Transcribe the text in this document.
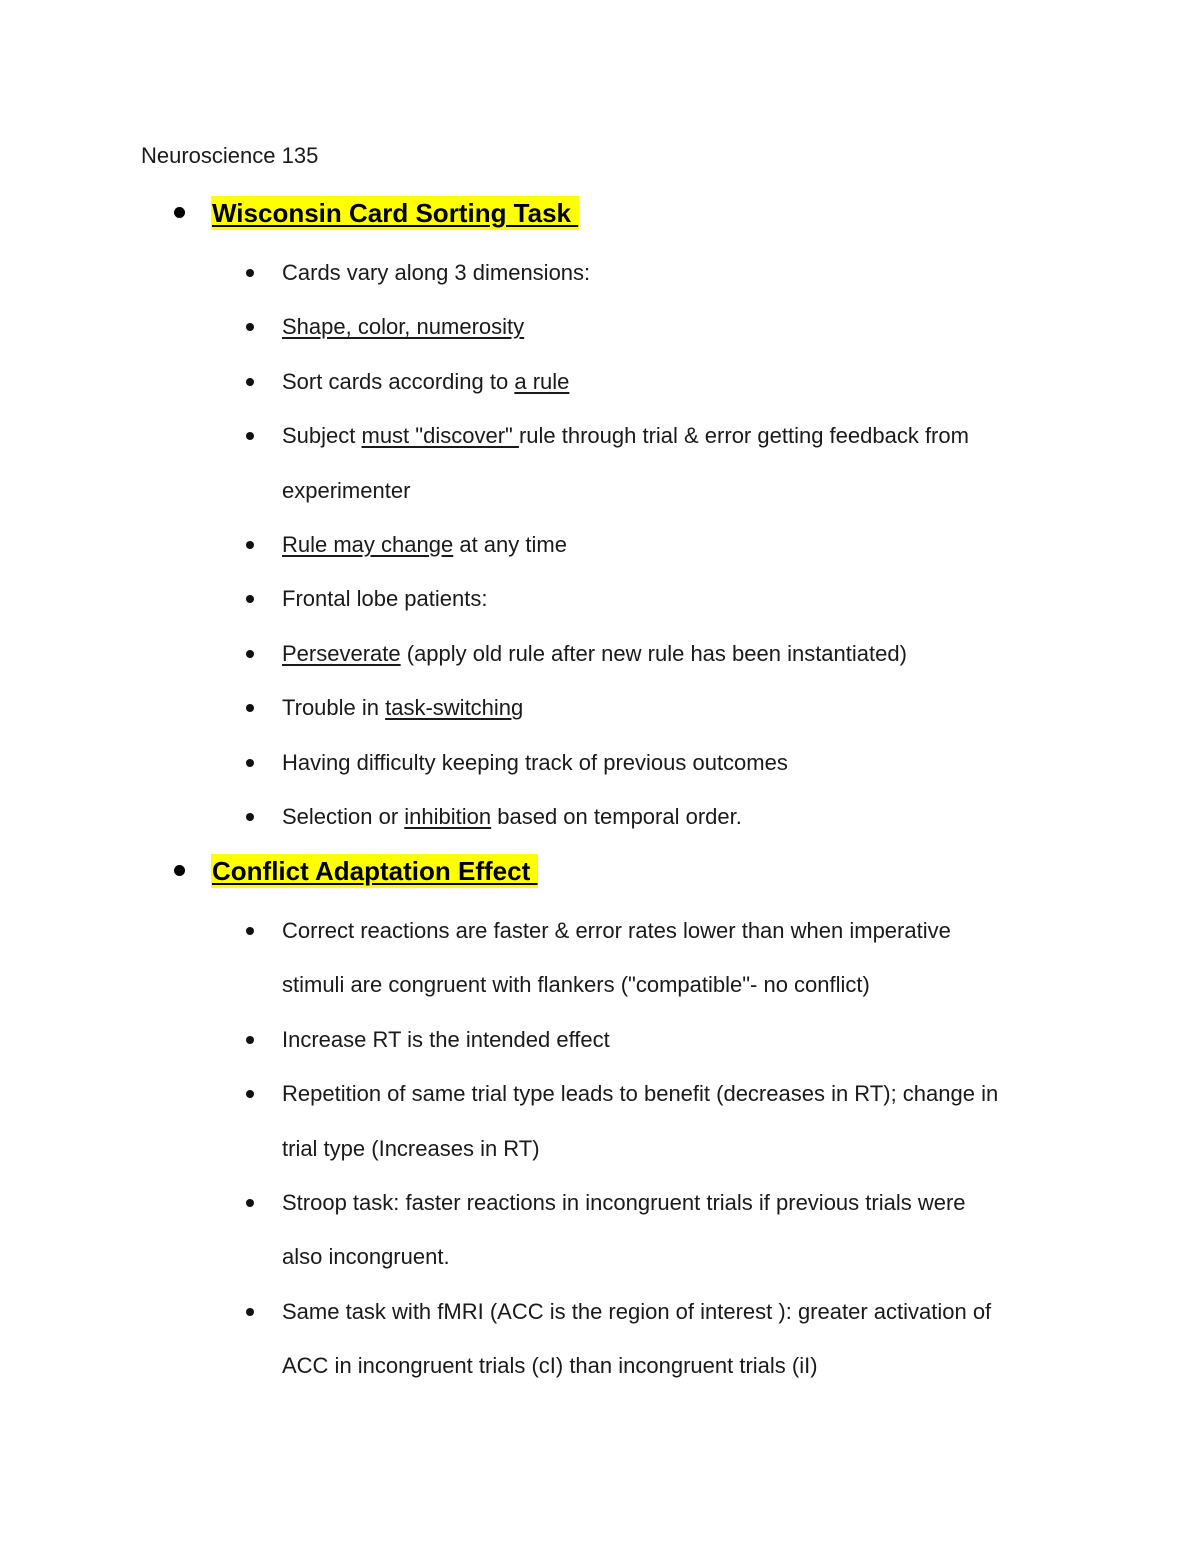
Neuroscience 135
Wisconsin Card Sorting Task
Cards vary along 3 dimensions:
Shape, color, numerosity
Sort cards according to a rule
Subject must "discover" rule through trial & error getting feedback from
experimenter
Rule may change at any time
Frontal lobe patients:
Perseverate (apply old rule after new rule has been instantiated)
Trouble in task-switching
Having difficulty keeping track of previous outcomes
Selection or inhibition based on temporal order.
Conflict Adaptation Effect
Correct reactions are faster & error rates lower than when imperative
stimuli are congruent with flankers ("compatible"- no conflict)
Increase RT is the intended effect
Repetition of same trial type leads to benefit (decreases in RT); change in
trial type (Increases in RT)
Stroop task: faster reactions in incongruent trials if previous trials were
also incongruent.
Same task with fMRI (ACC is the region of interest ): greater activation of
ACC in incongruent trials (cI) than incongruent trials (iI)
